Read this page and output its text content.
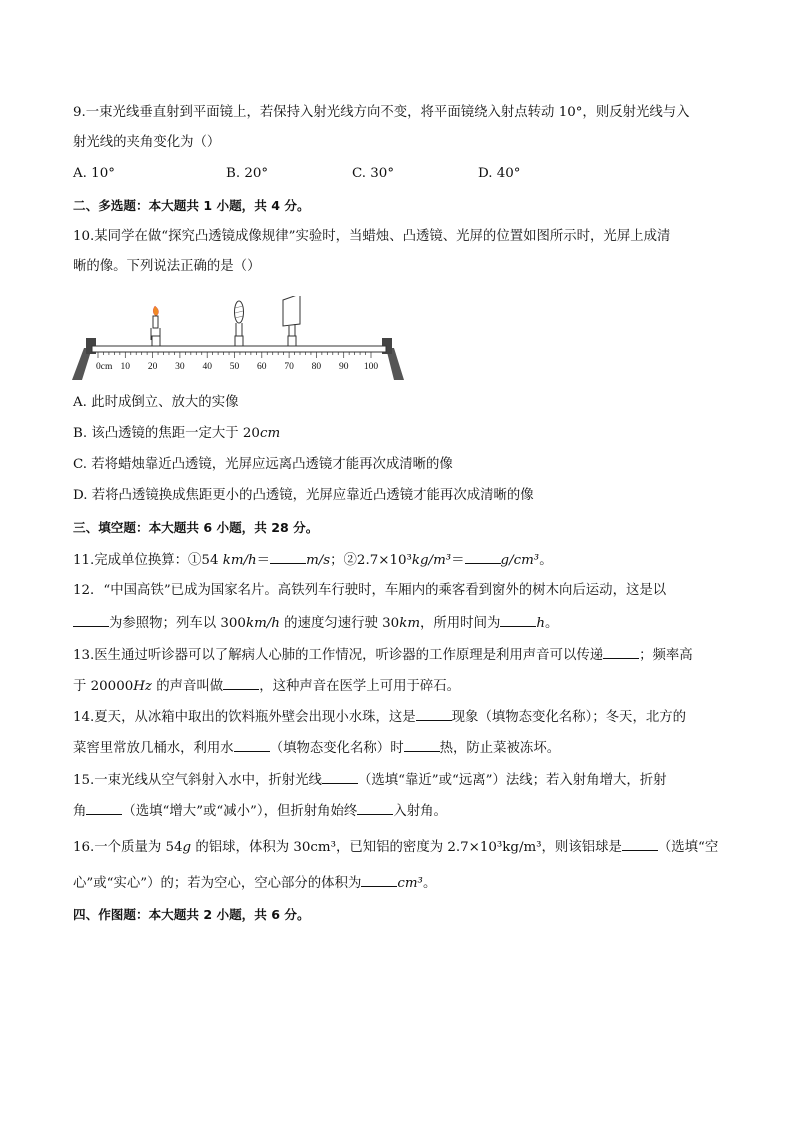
9.一束光线垂直射到平面镜上，若保持入射光线方向不变，将平面镜绕入射点转动 10°，则反射光线与入
射光线的夹角变化为（）
A. 10°	B. 20°	C. 30°	D. 40°
二、多选题：本大题共 1 小题，共 4 分。
10.某同学在做“探究凸透镜成像规律”实验时，当蜡烛、凸透镜、光屏的位置如图所示时，光屏上成清
晰的像。下列说法正确的是（）
0cm 10 20 30 40 50 60 70 80 90 100
A. 此时成倒立、放大的实像
B. 该凸透镜的焦距一定大于 20cm
C. 若将蜡烛靠近凸透镜，光屏应远离凸透镜才能再次成清晰的像
D. 若将凸透镜换成焦距更小的凸透镜，光屏应靠近凸透镜才能再次成清晰的像
三、填空题：本大题共 6 小题，共 28 分。
11.完成单位换算：①54 km/h＝	m/s；②2.7×10³kg/m³＝	g/cm³。
12．“中国高铁”已成为国家名片。高铁列车行驶时，车厢内的乘客看到窗外的树木向后运动，这是以
为参照物；列车以 300km/h 的速度匀速行驶 30km，所用时间为	h。
13.医生通过听诊器可以了解病人心肺的工作情况，听诊器的工作原理是利用声音可以传递	；频率高
于 20000Hz 的声音叫做	，这种声音在医学上可用于碎石。
14.夏天，从冰箱中取出的饮料瓶外壁会出现小水珠，这是	现象（填物态变化名称）；冬天，北方的
菜窖里常放几桶水，利用水	（填物态变化名称）时	热，防止菜被冻坏。
15.一束光线从空气斜射入水中，折射光线	（选填“靠近”或“远离”）法线；若入射角增大，折射
角	（选填“增大”或“减小”），但折射角始终	入射角。
16.一个质量为 54g 的铝球，体积为 30cm³，已知铝的密度为 2.7×10³kg/m³，则该铝球是	（选填“空
心”或“实心”）的；若为空心，空心部分的体积为	cm³。
四、作图题：本大题共 2 小题，共 6 分。
